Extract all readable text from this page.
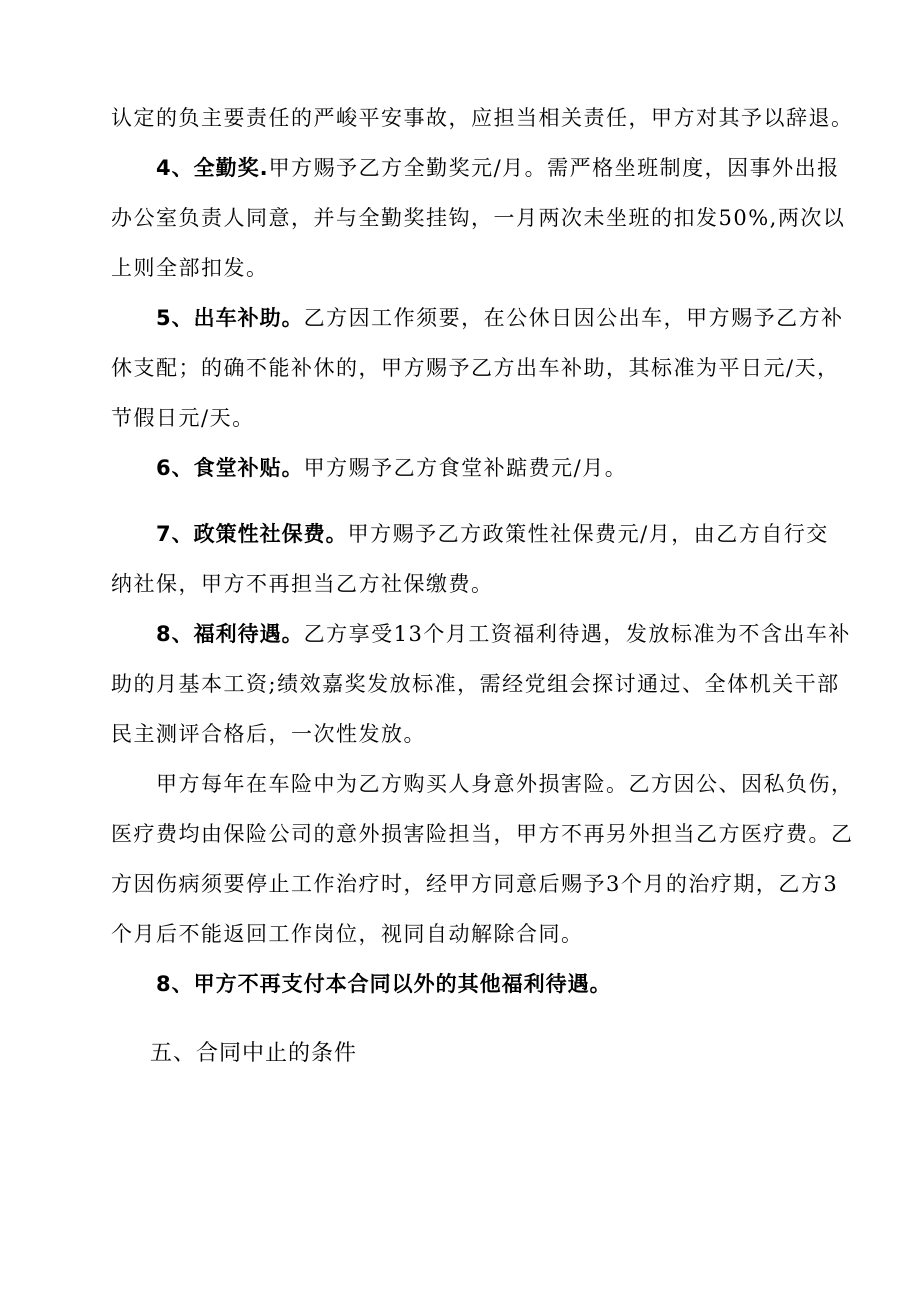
认定的负主要责任的严峻平安事故，应担当相关责任，甲方对其予以辞退。
4、全勤奖.甲方赐予乙方全勤奖元/月。需严格坐班制度，因事外出报
办公室负责人同意，并与全勤奖挂钩，一月两次未坐班的扣发50%,两次以
上则全部扣发。
5、出车补助。乙方因工作须要，在公休日因公出车，甲方赐予乙方补
休支配；的确不能补休的，甲方赐予乙方出车补助，其标准为平日元/天，
节假日元/天。
6、食堂补贴。甲方赐予乙方食堂补踮费元/月。
7、政策性社保费。甲方赐予乙方政策性社保费元/月，由乙方自行交
纳社保，甲方不再担当乙方社保缴费。
8、福利待遇。乙方享受13个月工资福利待遇，发放标准为不含出车补
助的月基本工资;绩效嘉奖发放标准，需经党组会探讨通过、全体机关干部
民主测评合格后，一次性发放。
甲方每年在车险中为乙方购买人身意外损害险。乙方因公、因私负伤，
医疗费均由保险公司的意外损害险担当，甲方不再另外担当乙方医疗费。乙
方因伤病须要停止工作治疗时，经甲方同意后赐予3个月的治疗期，乙方3
个月后不能返回工作岗位，视同自动解除合同。
8、甲方不再支付本合同以外的其他福利待遇。
五、合同中止的条件
